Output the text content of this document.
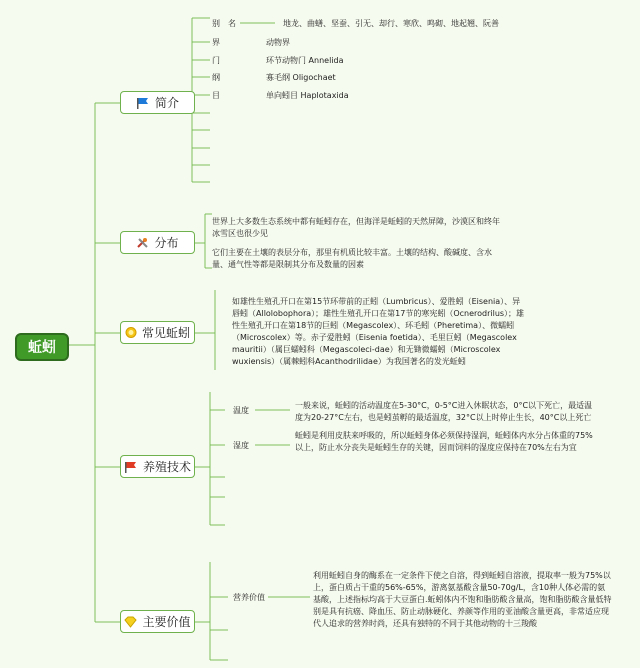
蚯蚓
简介
别　名	地龙、曲蟮、坚蚕、引无、却行、寒欣、鸣砌、地起翘、阮善
界	动物界
门	环节动物门 Annelida
纲	寡毛纲 Oligochaet
目	单向蚓目 Haplotaxida
分布
世界上大多数生态系统中都有蚯蚓存在，但海洋是蚯蚓的天然屏障，沙漠区和终年冰雪区也很少见
它们主要在土壤的表层分布，那里有机质比较丰富。土壤的结构、酸碱度、含水量、通气性等都是限制其分布及数量的因素
常见蚯蚓
如雄性生殖孔开口在第15节环带前的正蚓（Lumbricus）、爱胜蚓（Eisenia）、异唇蚓（Allolobophora）；雄性生殖孔开口在第17节的寒宪蚓（Ocnerodrilus）；雄性生殖孔开口在第18节的巨蚓（Megascolex）、环毛蚓（Pheretima）、微蠕蚓（Microscolex）等。赤子爱胜蚓（Eisenia foetida）、毛里巨蚓（Megascolex mauritii）（属巨蠕蚓科（Megascoleci-dae）和无锄微蠕蚓（Microscolex wuxiensis）（属棘蚓科Acanthodrilidae）为我国著名的发光蚯蚓
养殖技术
温度
一般来说，蚯蚓的活动温度在5-30°C，0-5°C进入休眠状态，0°C以下死亡，最适温度为20-27°C左右，也是蚓茧孵的最适温度，32°C以上时停止生长，40°C以上死亡
湿度
蚯蚓是利用皮肤来呼吸的，所以蚯蚓身体必须保持湿润，蚯蚓体内水分占体重的75%以上，防止水分丧失是蚯蚓生存的关键，因而饲料的湿度应保持在70%左右为宜
主要价值
营养价值
利用蚯蚓自身的酶系在一定条件下使之自溶，得到蚯蚓自溶液，提取率一般为75%以上，蛋白质占干重的56%-65%，游离氨基酸含量50-70g/L，含10种人体必需的氨基酸，上述指标均高于大豆蛋白.蚯蚓体内不饱和脂肪酸含量高，饱和脂肪酸含量低特别是具有抗癌、降血压、防止动脉硬化、养颜等作用的亚油酸含量更高，非常适应现代人追求的营养时尚，还具有独特的不同于其他动物的十三羧酸
